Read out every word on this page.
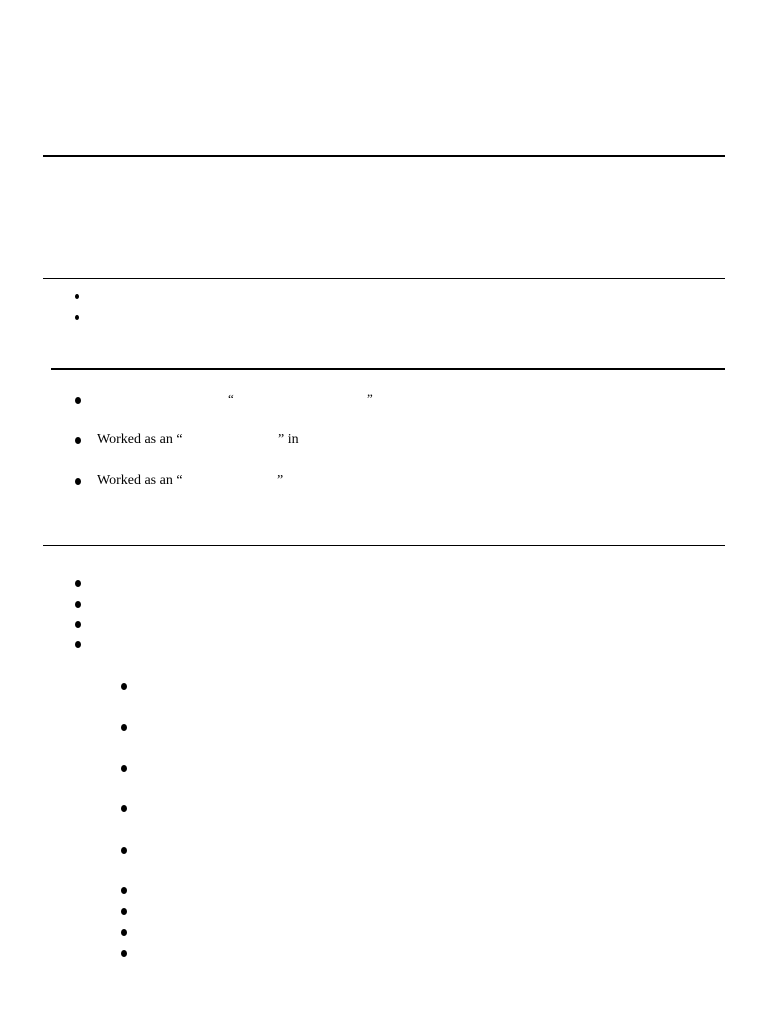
“	”
Worked as an “	” in
Worked as an “	”
